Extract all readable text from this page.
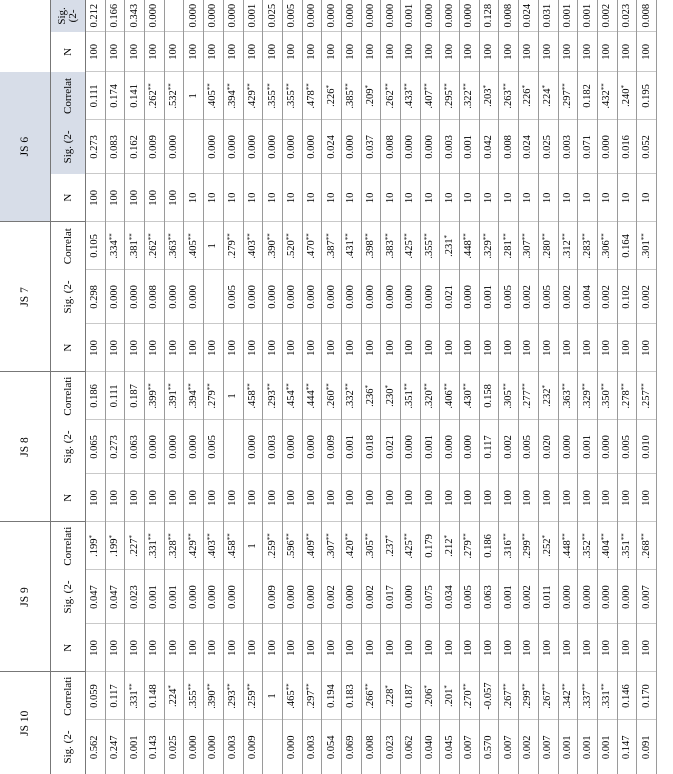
JS 10		JS 9			JS 8			JS 7			JS 6				
Sig. (2-	Correlati	N	Sig. (2-	Correlati	N	Sig. (2-	Correlati	N	Sig. (2-	Correlat	N	Sig. (2-	Correlat	N	Sig. (2-
0.562	0.059	100	0.047	.199*	100	0.065	0.186	100	0.298	0.105	100	0.273	0.111	100	0.212
0.247	0.117	100	0.047	.199*	100	0.273	0.111	100	0.000	.334**	100	0.083	0.174	100	0.166
0.001	.331**	100	0.023	.227*	100	0.063	0.187	100	0.000	.381**	100	0.162	0.141	100	0.343
0.143	0.148	100	0.001	.331**	100	0.000	.399**	100	0.008	.262**	100	0.009	.262**	100	0.000
0.025	.224*	100	0.001	.328**	100	0.000	.391**	100	0.000	.363**	100	0.000	.532**	100	
0.000	.355**	100	0.000	.429**	100	0.000	.394**	100	0.000	.405**	10		1	100	0.000
0.000	.390**	100	0.000	.403**	100	0.005	.279**	100		1	10	0.000	.405**	100	0.000
0.003	.293**	100	0.000	.458**	100		1	100	0.005	.279**	10	0.000	.394**	100	0.000
0.009	.259**	100		1	100	0.000	.458**	100	0.000	.403**	10	0.000	.429**	100	0.001
	1	100	0.009	.259**	100	0.003	.293**	100	0.000	.390**	10	0.000	.355**	100	0.025
0.000	.465**	100	0.000	.596**	100	0.000	.454**	100	0.000	.520**	10	0.000	.355**	100	0.005
0.003	.297**	100	0.000	.409**	100	0.000	.444**	100	0.000	.470**	10	0.000	.478**	100	0.000
0.054	0.194	100	0.002	.307**	100	0.009	.260**	100	0.000	.387**	10	0.024	.226*	100	0.000
0.069	0.183	100	0.000	.420**	100	0.001	.332**	100	0.000	.431**	10	0.000	.385**	100	0.000
0.008	.266**	100	0.002	.305**	100	0.018	.236*	100	0.000	.398**	10	0.037	.209*	100	0.000
0.023	.228*	100	0.017	.237*	100	0.021	.230*	100	0.000	.383**	10	0.008	.262**	100	0.000
0.062	0.187	100	0.000	.425**	100	0.000	.351**	100	0.000	.425**	10	0.000	.433**	100	0.001
0.040	.206*	100	0.075	0.179	100	0.001	.320**	100	0.000	.355**	10	0.000	.407**	100	0.000
0.045	.201*	100	0.034	.212*	100	0.000	.406**	100	0.021	.231*	10	0.003	.295**	100	0.000
0.007	.270**	100	0.005	.279**	100	0.000	.430**	100	0.000	.448**	10	0.001	.322**	100	0.000
0.570	-0.057	100	0.063	0.186	100	0.117	0.158	100	0.001	.329**	10	0.042	.203*	100	0.128
0.007	.267**	100	0.001	.316**	100	0.002	.305**	100	0.005	.281**	10	0.008	.263**	100	0.008
0.002	.299**	100	0.002	.299**	100	0.005	.277**	100	0.002	.307**	10	0.024	.226*	100	0.024
0.007	.267**	100	0.011	.252*	100	0.020	.232*	100	0.005	.280**	10	0.025	.224*	100	0.031
0.001	.342**	100	0.000	.448**	100	0.000	.363**	100	0.002	.312**	10	0.003	.297**	100	0.001
0.001	.337**	100	0.000	.352**	100	0.001	.329**	100	0.004	.283**	10	0.071	0.182	100	0.001
0.001	.331**	100	0.000	.404**	100	0.000	.350**	100	0.002	.306**	10	0.000	.432**	100	0.002
0.147	0.146	100	0.000	.351**	100	0.005	.278**	100	0.102	0.164	10	0.016	.240*	100	0.023
0.091	0.170	100	0.007	.268**	100	0.010	.257**	100	0.002	.301**	10	0.052	0.195	100	0.008
